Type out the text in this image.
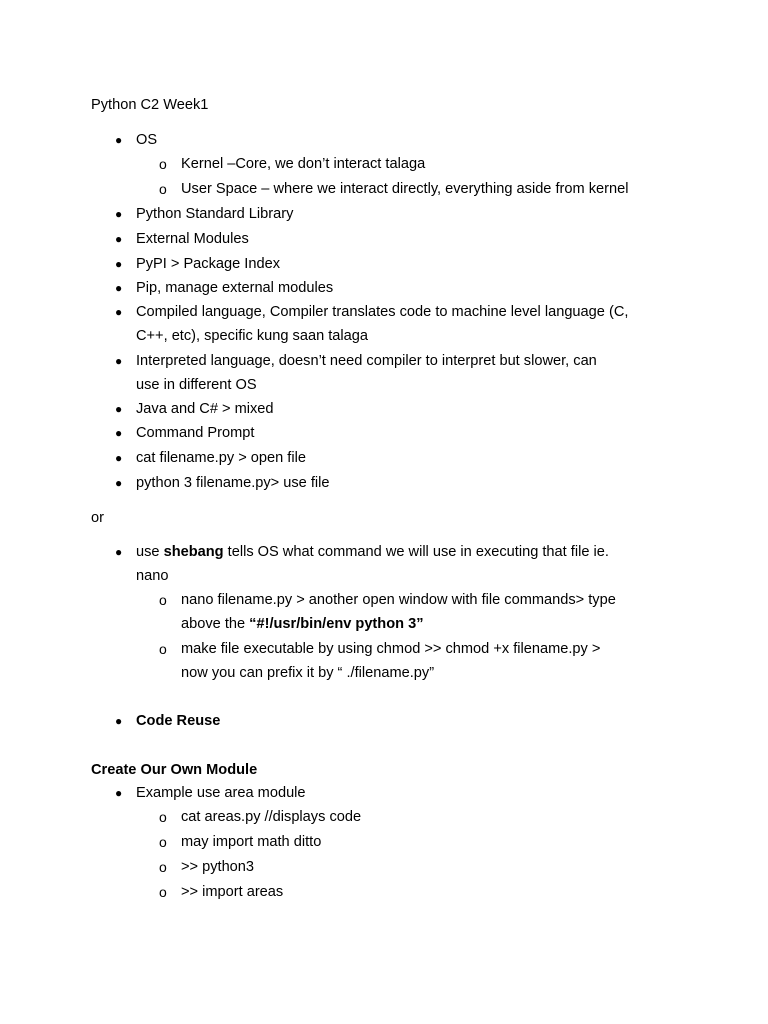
Python C2 Week1
● OS
o Kernel –Core, we don’t interact talaga
o User Space – where we interact directly, everything aside from kernel
● Python Standard Library
● External Modules
● PyPI > Package Index
● Pip, manage external modules
● Compiled language, Compiler translates code to machine level language (C,
C++, etc), specific kung saan talaga
● Interpreted language, doesn’t need compiler to interpret but slower, can
use in different OS
● Java and C# > mixed
● Command Prompt
● cat filename.py > open file
● python 3 filename.py> use file
or
● use shebang tells OS what command we will use in executing that file ie.
nano
o nano filename.py > another open window with file commands> type
above the “#!/usr/bin/env python 3”
o make file executable by using chmod >> chmod +x filename.py >
now you can prefix it by “ ./filename.py”
● Code Reuse
Create Our Own Module
● Example use area module
o cat areas.py //displays code
o may import math ditto
o >> python3
o >> import areas
